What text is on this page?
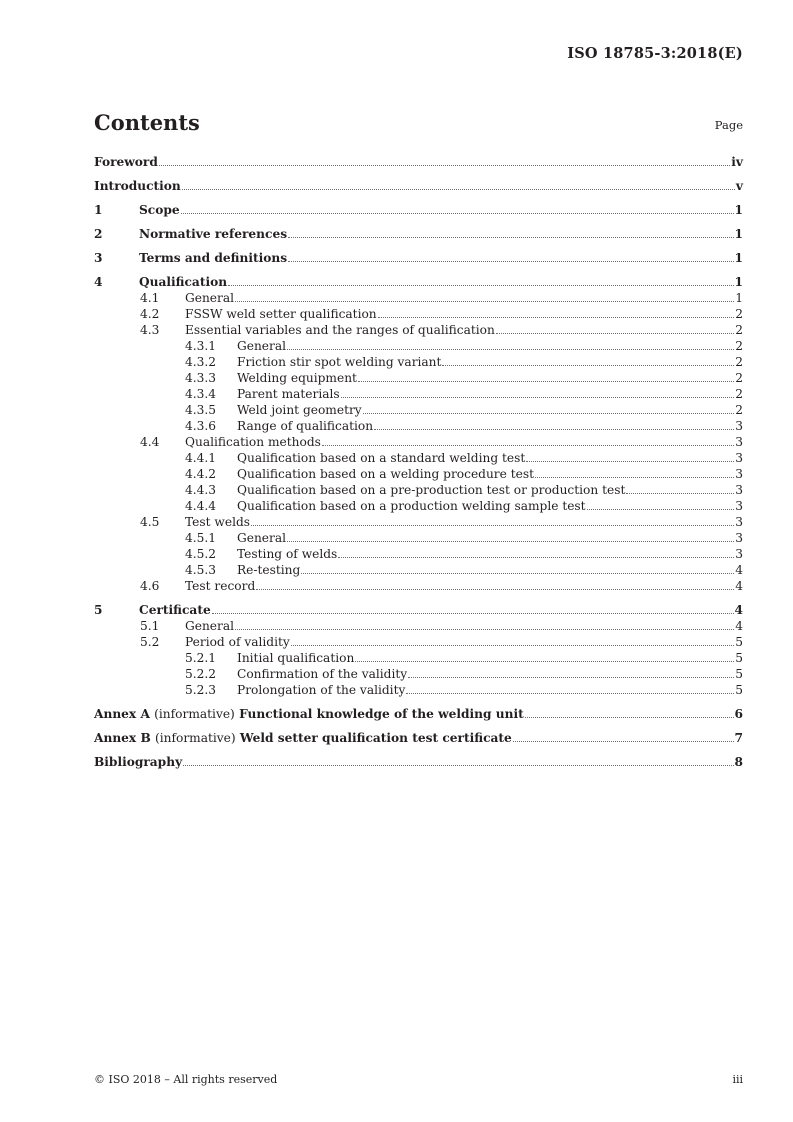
ISO 18785-3:2018(E)
Contents	Page
Foreword	iv
Introduction	v
1	Scope	1
2	Normative references	1
3	Terms and definitions	1
4	Qualification	1
4.1	General	1
4.2	FSSW weld setter qualification	2
4.3	Essential variables and the ranges of qualification	2
4.3.1	General	2
4.3.2	Friction stir spot welding variant	2
4.3.3	Welding equipment	2
4.3.4	Parent materials	2
4.3.5	Weld joint geometry	2
4.3.6	Range of qualification	3
4.4	Qualification methods	3
4.4.1	Qualification based on a standard welding test	3
4.4.2	Qualification based on a welding procedure test	3
4.4.3	Qualification based on a pre-production test or production test	3
4.4.4	Qualification based on a production welding sample test	3
4.5	Test welds	3
4.5.1	General	3
4.5.2	Testing of welds	3
4.5.3	Re-testing	4
4.6	Test record	4
5	Certificate	4
5.1	General	4
5.2	Period of validity	5
5.2.1	Initial qualification	5
5.2.2	Confirmation of the validity	5
5.2.3	Prolongation of the validity	5
Annex A (informative) Functional knowledge of the welding unit	6
Annex B (informative) Weld setter qualification test certificate	7
Bibliography	8
© ISO 2018 – All rights reserved	iii
